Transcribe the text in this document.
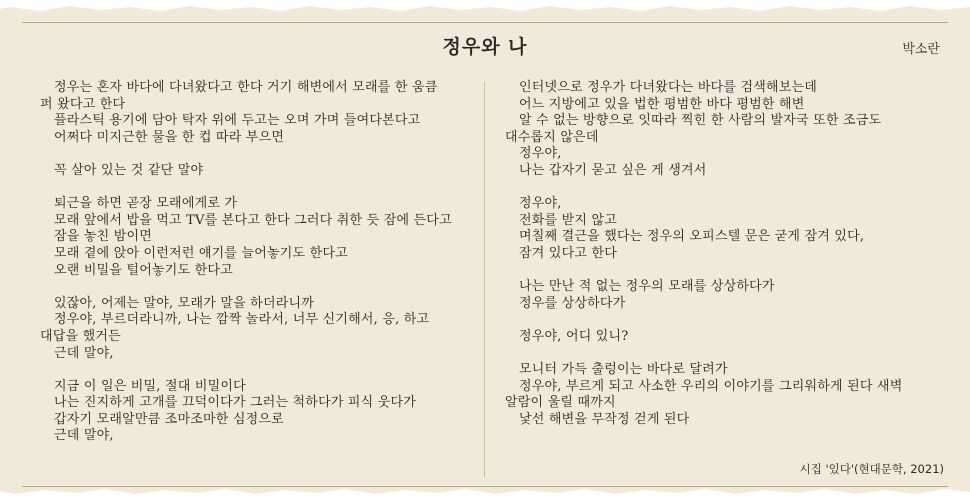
정우와 나	박소란
정우는 혼자 바다에 다녀왔다고 한다 거기 해변에서 모래를 한 움큼
퍼 왔다고 한다
플라스틱 용기에 담아 탁자 위에 두고는 오며 가며 들여다본다고
어쩌다 미지근한 물을 한 컵 따라 부으면
꼭 살아 있는 것 같단 말야
퇴근을 하면 곧장 모래에게로 가
모래 앞에서 밥을 먹고 TV를 본다고 한다 그러다 취한 듯 잠에 든다고
잠을 놓친 밤이면
모래 곁에 앉아 이런저런 얘기를 늘어놓기도 한다고
오랜 비밀을 털어놓기도 한다고
있잖아, 어제는 말야, 모래가 말을 하더라니까
정우야, 부르더라니까, 나는 깜짝 놀라서, 너무 신기해서, 응, 하고
대답을 했거든
근데 말야,
지금 이 일은 비밀, 절대 비밀이다
나는 진지하게 고개를 끄덕이다가 그러는 척하다가 피식 웃다가
갑자기 모래알만큼 조마조마한 심정으로
근데 말야,
인터넷으로 정우가 다녀왔다는 바다를 검색해보는데
어느 지방에고 있을 법한 평범한 바다 평범한 해변
알 수 없는 방향으로 잇따라 찍힌 한 사람의 발자국 또한 조금도
대수롭지 않은데
정우야,
나는 갑자기 묻고 싶은 게 생겨서
정우야,
전화를 받지 않고
며칠째 결근을 했다는 정우의 오피스텔 문은 굳게 잠겨 있다,
잠겨 있다고 한다
나는 만난 적 없는 정우의 모래를 상상하다가
정우를 상상하다가
정우야, 어디 있니?
모니터 가득 출렁이는 바다로 달려가
정우야, 부르게 되고 사소한 우리의 이야기를 그리워하게 된다 새벽
알람이 울릴 때까지
낯선 해변을 무작정 걷게 된다
시집 '있다'(현대문학, 2021)
